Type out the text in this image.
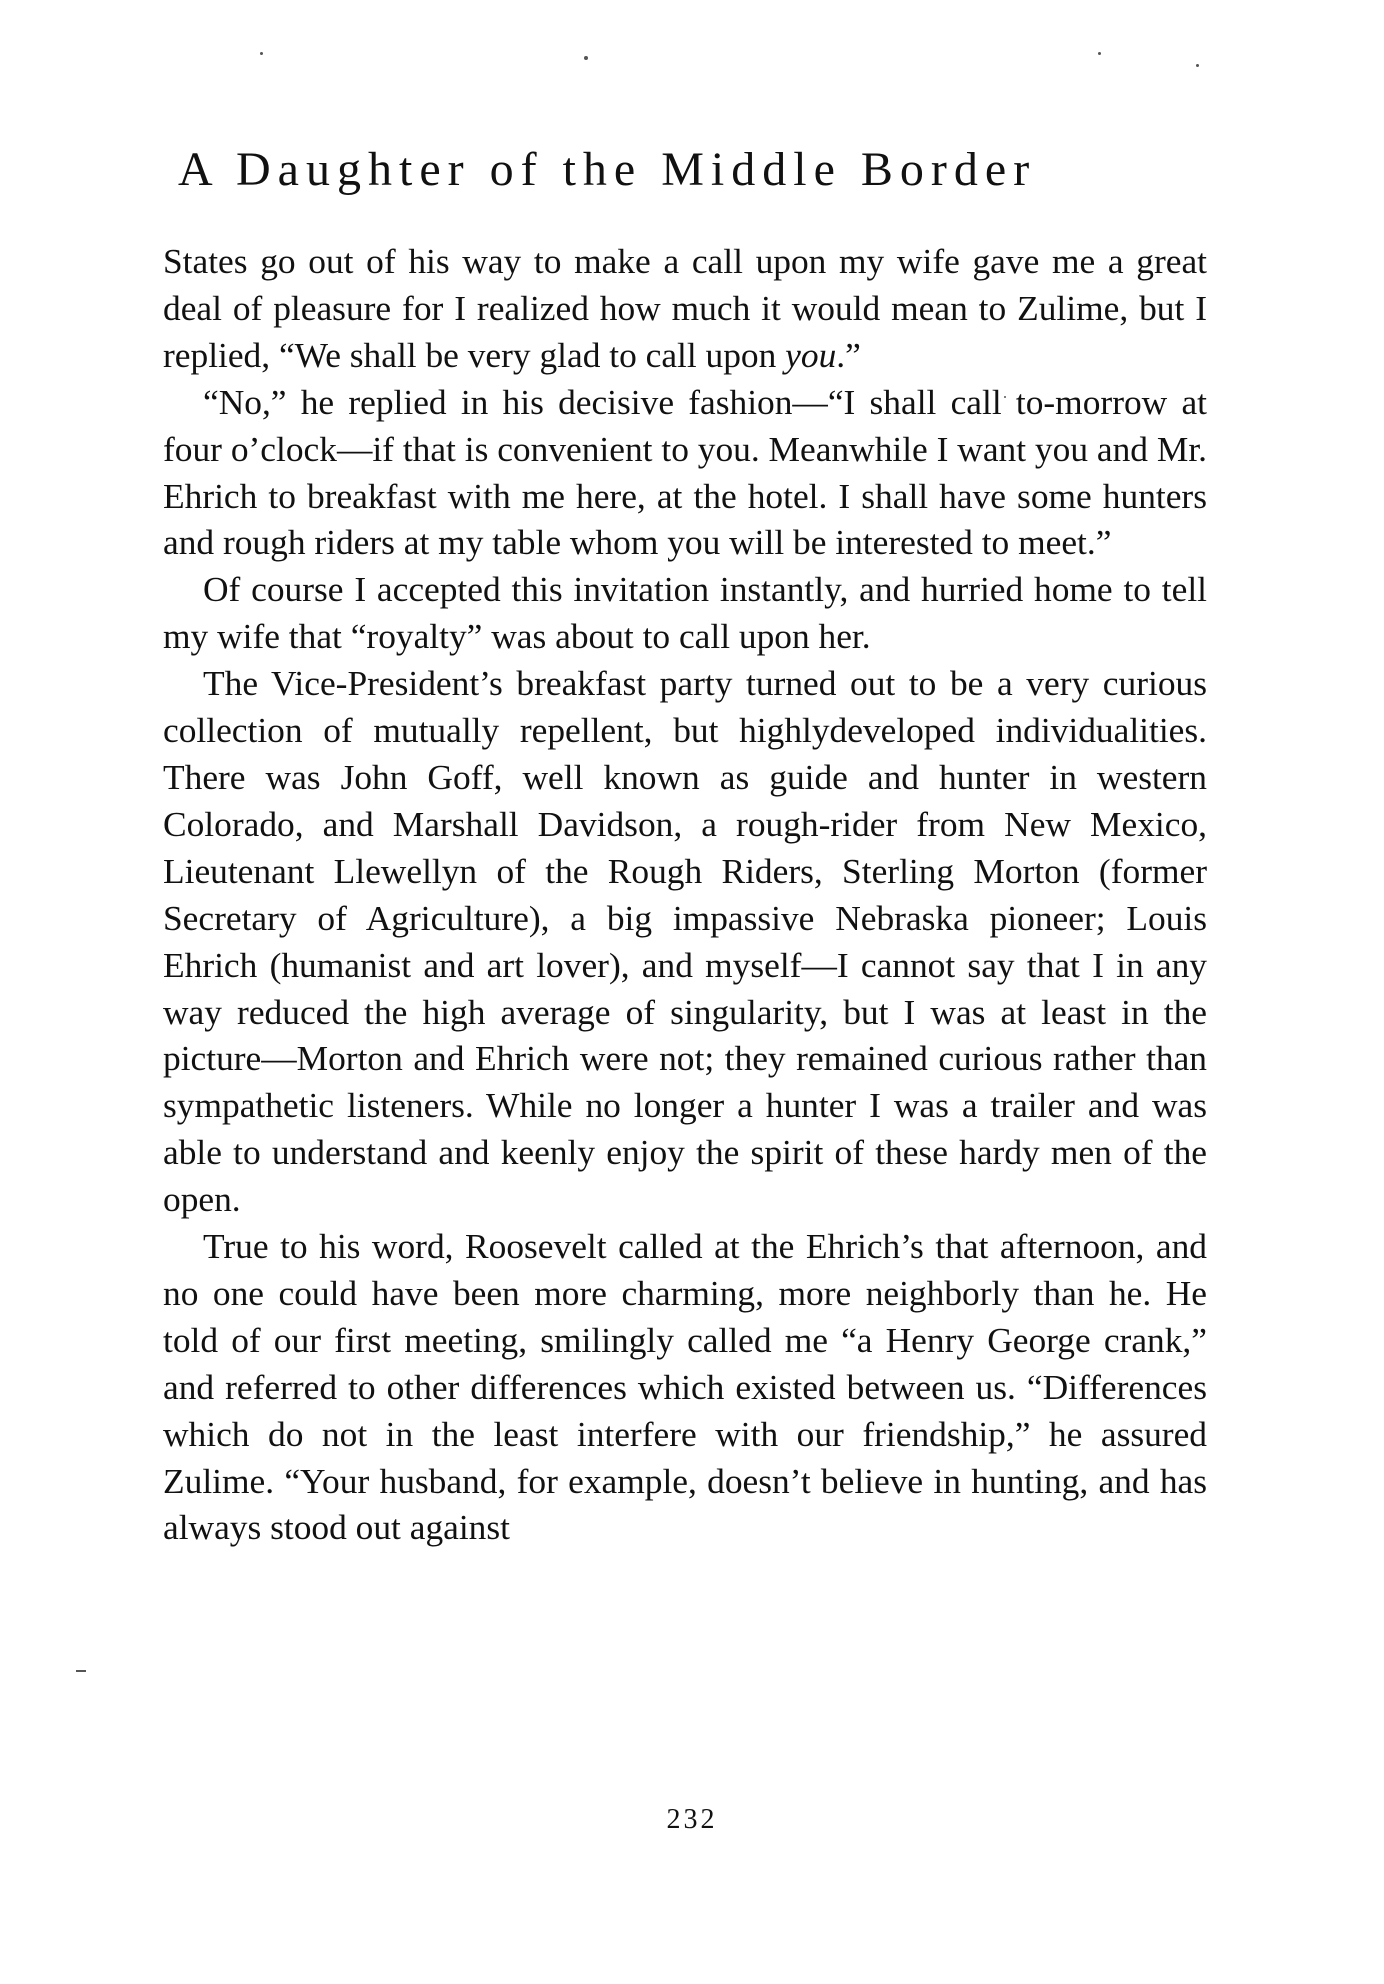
A Daughter of the Middle Border

States go out of his way to make a call upon my wife gave me a great deal of pleasure for I realized how much it would mean to Zulime, but I replied, “We shall be very glad to call upon you.”

“No,” he replied in his decisive fashion—“I shall call to-morrow at four o’clock—if that is convenient to you. Meanwhile I want you and Mr. Ehrich to breakfast with me here, at the hotel. I shall have some hunters and rough riders at my table whom you will be interested to meet.”

Of course I accepted this invitation instantly, and hurried home to tell my wife that “royalty” was about to call upon her.

The Vice-President’s breakfast party turned out to be a very curious collection of mutually repellent, but highlydeveloped individualities. There was John Goff, well known as guide and hunter in western Colorado, and Marshall Davidson, a rough-rider from New Mexico, Lieutenant Llewellyn of the Rough Riders, Sterling Morton (former Secretary of Agriculture), a big impassive Nebraska pioneer; Louis Ehrich (humanist and art lover), and myself—I cannot say that I in any way reduced the high average of singularity, but I was at least in the picture—Morton and Ehrich were not; they remained curious rather than sympathetic listeners. While no longer a hunter I was a trailer and was able to understand and keenly enjoy the spirit of these hardy men of the open.

True to his word, Roosevelt called at the Ehrich’s that afternoon, and no one could have been more charming, more neighborly than he. He told of our first meeting, smilingly called me “a Henry George crank,” and referred to other differences which existed between us. “Differences which do not in the least interfere with our friendship,” he assured Zulime. “Your husband, for example, doesn’t believe in hunting, and has always stood out against

232
